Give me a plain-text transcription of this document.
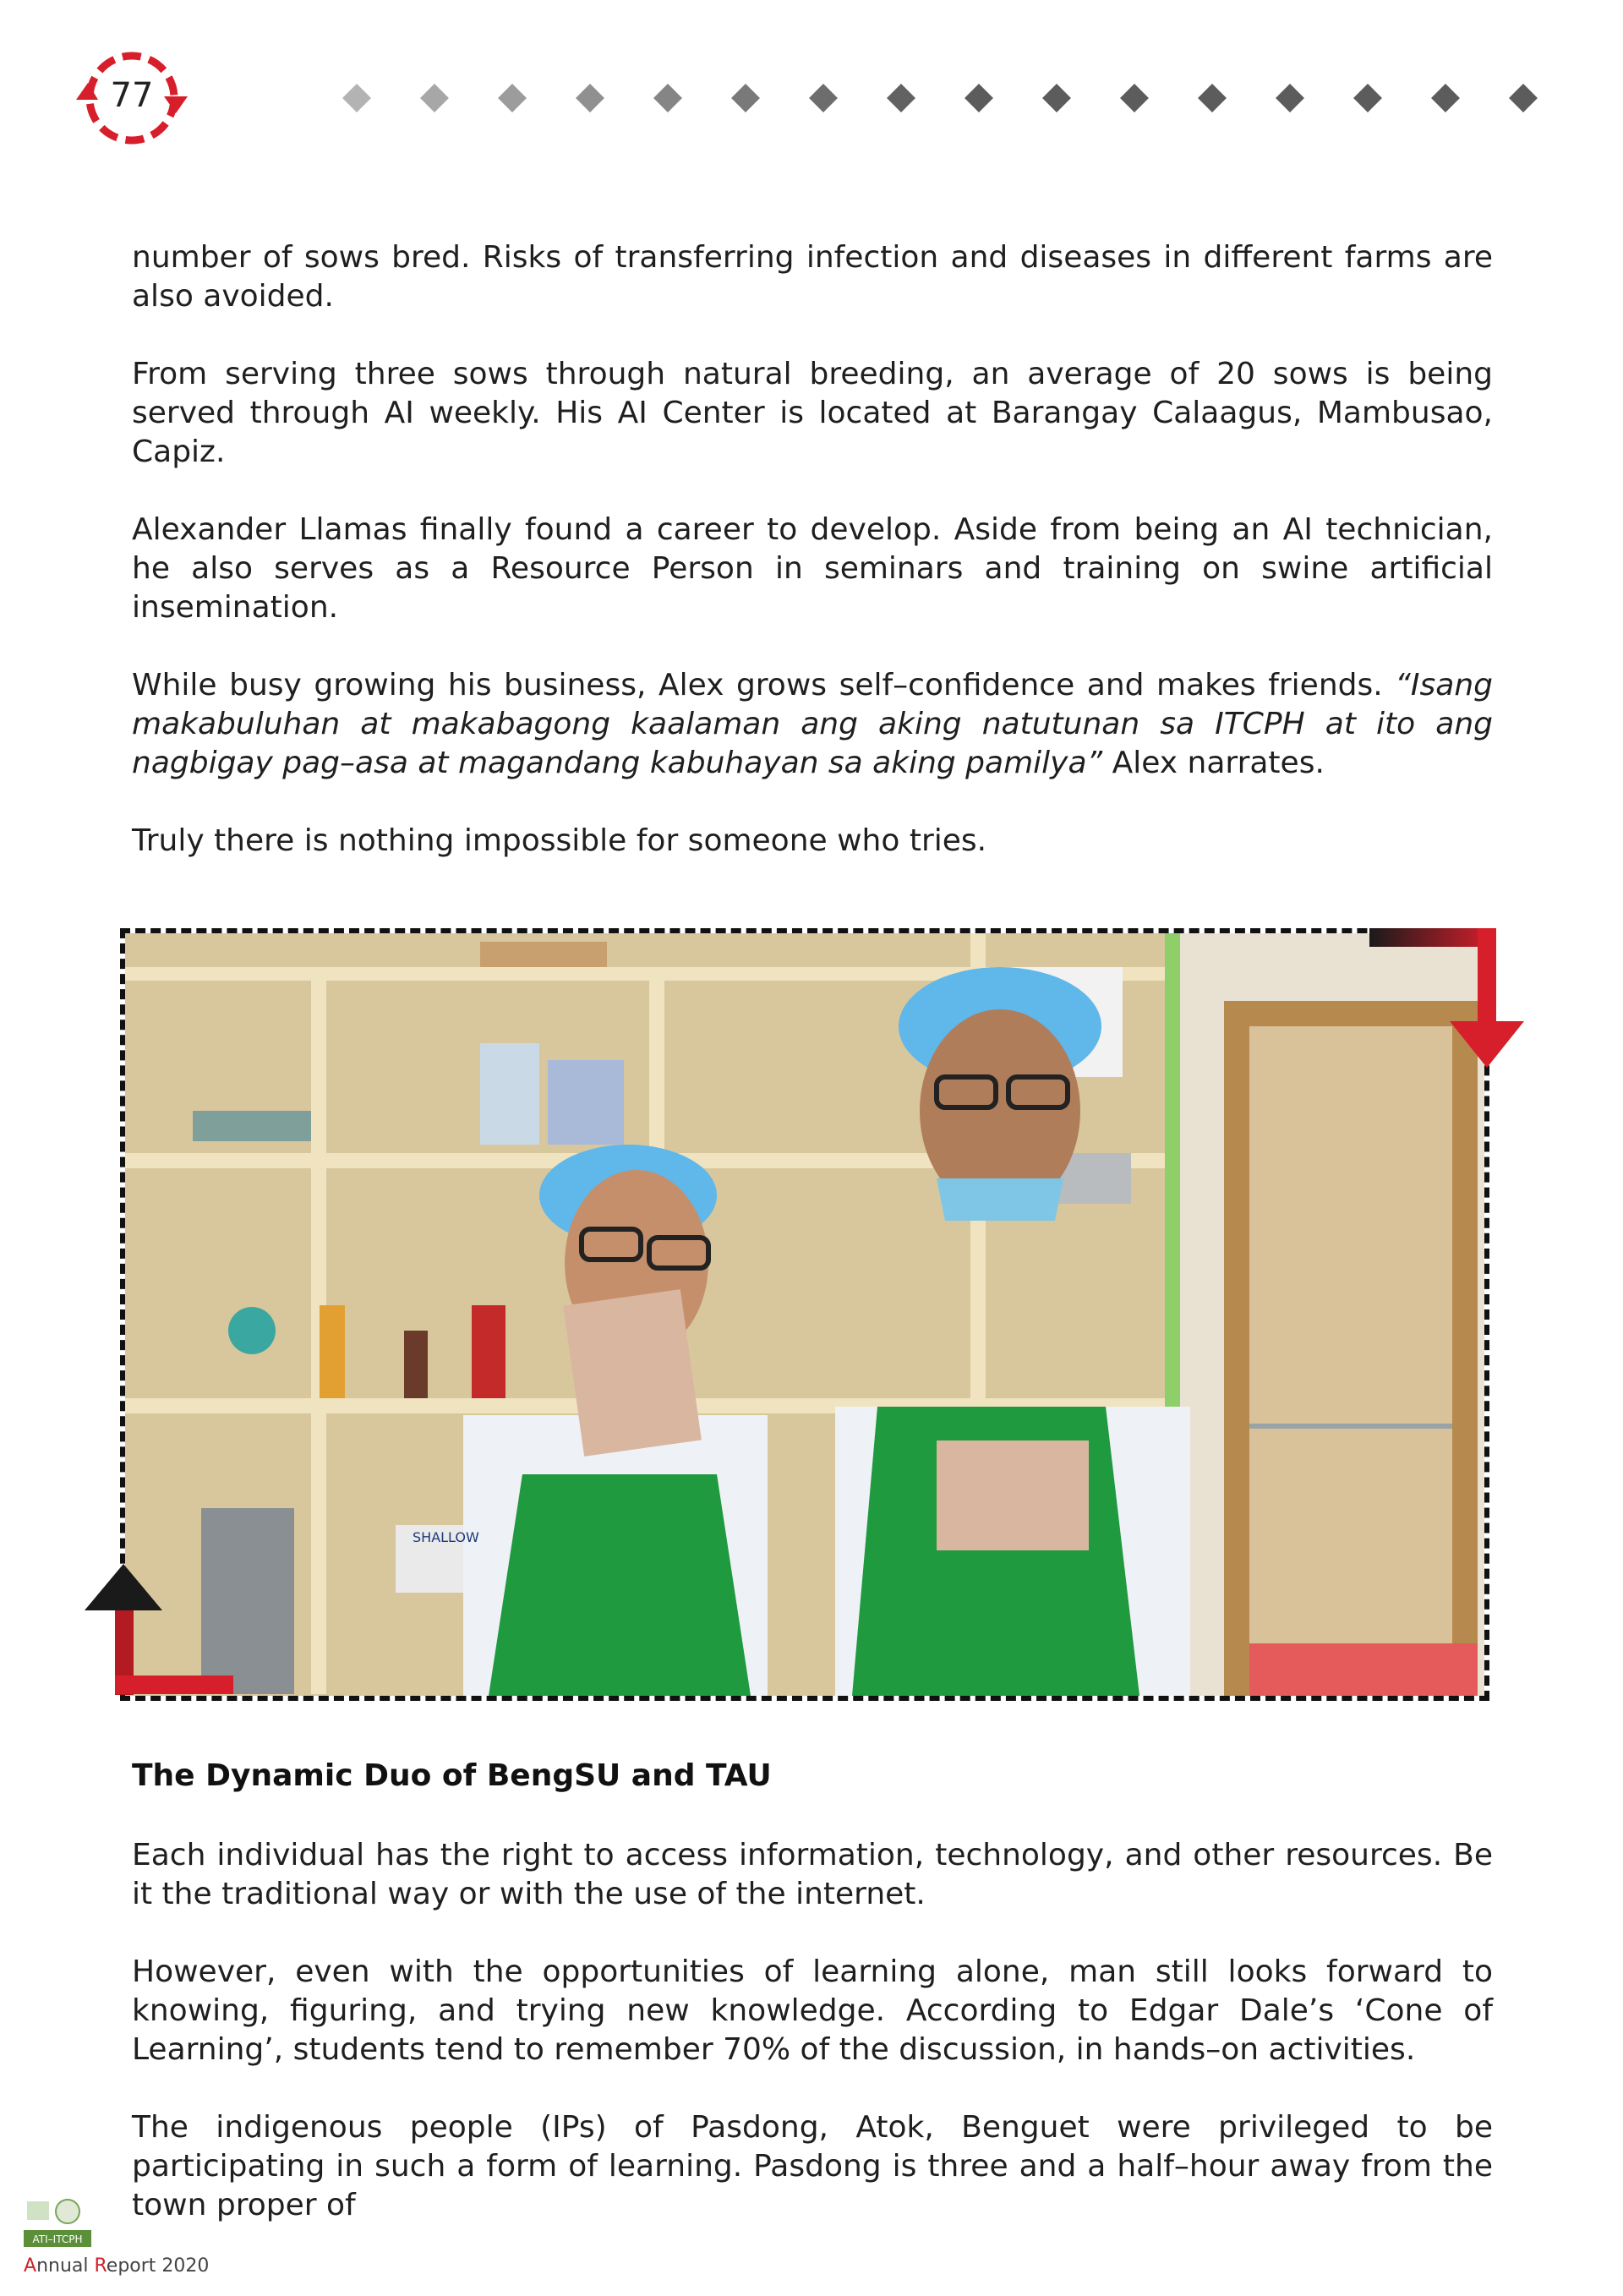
77

number of sows bred. Risks of transferring infection and diseases in different farms are also avoided.

From serving three sows through natural breeding, an average of 20 sows is being served through AI weekly. His AI Center is located at Barangay Calaagus, Mambusao, Capiz.

Alexander Llamas finally found a career to develop. Aside from being an AI technician, he also serves as a Resource Person in seminars and training on swine artificial insemination.

While busy growing his business, Alex grows self–confidence and makes friends. “Isang makabuluhan at makabagong kaalaman ang aking natutunan sa ITCPH at ito ang nagbigay pag–asa at magandang kabuhayan sa aking pamilya” Alex narrates.

Truly there is nothing impossible for someone who tries.

SHALLOW
The Dynamic Duo of BengSU and TAU

Each individual has the right to access information, technology, and other resources. Be it the traditional way or with the use of the internet.

However, even with the opportunities of learning alone, man still looks forward to knowing, figuring, and trying new knowledge. According to Edgar Dale’s ‘Cone of Learning’, students tend to remember 70% of the discussion, in hands–on activities.

The indigenous people (IPs) of Pasdong, Atok, Benguet were privileged to be participating in such a form of learning. Pasdong is three and a half–hour away from the town proper of

ATI–ITCPH
Annual Report 2020
